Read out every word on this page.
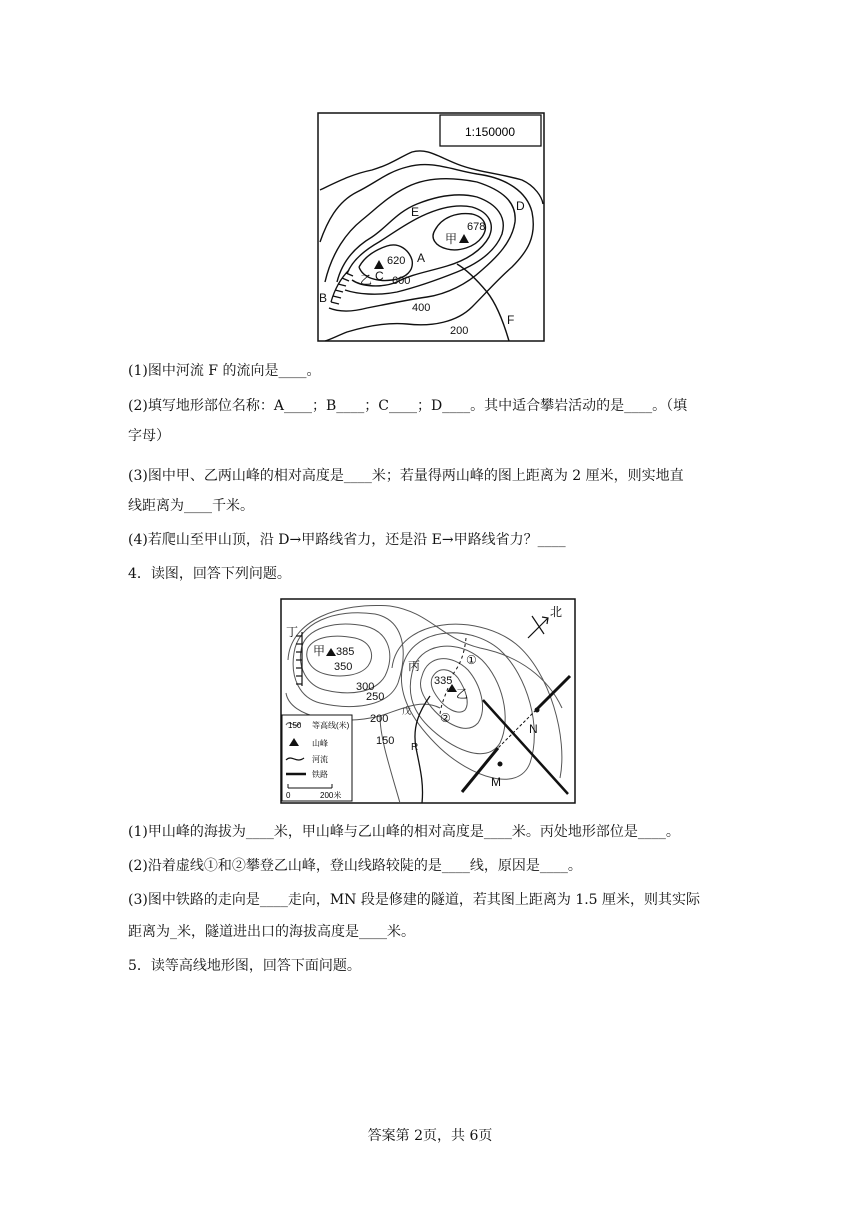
1:150000
E	D
A
B
C
F
甲
乙
678
620
600
400
200
(1)图中河流 F 的流向是____。
(2)填写地形部位名称：A____；B____；C____；D____。其中适合攀岩活动的是____。（填
字母）
(3)图中甲、乙两山峰的相对高度是____米；若量得两山峰的图上距离为 2 厘米，则实地直
线距离为____千米。
(4)若爬山至甲山顶，沿 D→甲路线省力，还是沿 E→甲路线省力？____
4．读图，回答下列问题。
北
丁
甲
丙
乙
戊
R
N
M
①
②
385
350
300
250
200
150
335
150 等高线(米)
山峰
河流
铁路
0	200米
(1)甲山峰的海拔为____米，甲山峰与乙山峰的相对高度是____米。丙处地形部位是____。
(2)沿着虚线①和②攀登乙山峰，登山线路较陡的是____线，原因是____。
(3)图中铁路的走向是____走向，MN 段是修建的隧道，若其图上距离为 1.5 厘米，则其实际
距离为_米，隧道进出口的海拔高度是____米。
5．读等高线地形图，回答下面问题。
答案第 2页，共 6页
